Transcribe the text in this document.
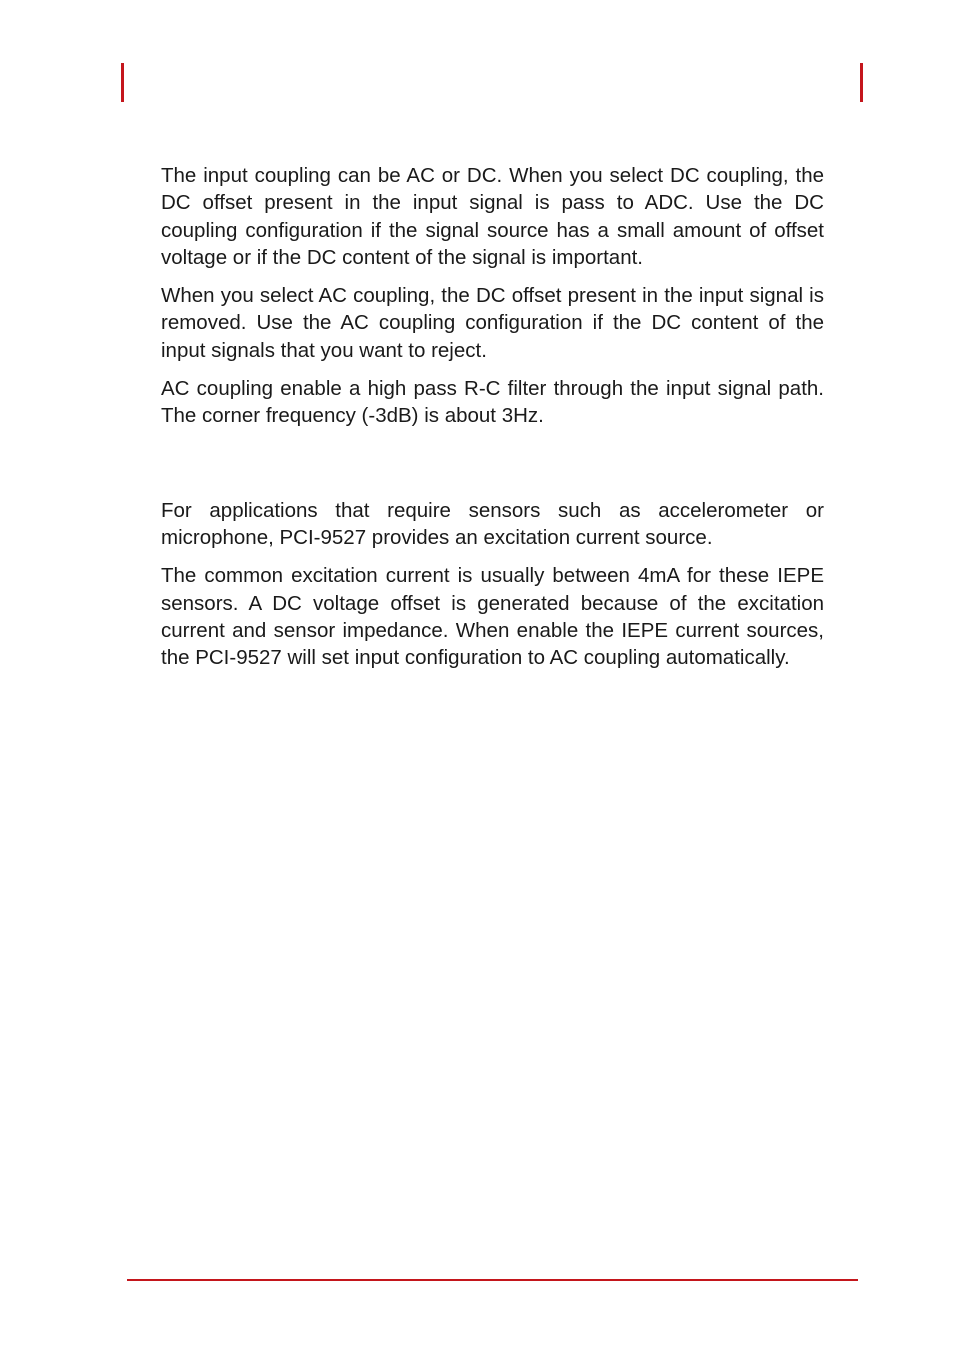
The input coupling can be AC or DC. When you select DC coupling, the DC offset present in the input signal is pass to ADC. Use the DC coupling configuration if the signal source has a small amount of offset voltage or if the DC content of the signal is important.

When you select AC coupling, the DC offset present in the input signal is removed. Use the AC coupling configuration if the DC content of the input signals that you want to reject.

AC coupling enable a high pass R-C filter through the input signal path. The corner frequency (-3dB) is about 3Hz.

For applications that require sensors such as accelerometer or microphone, PCI-9527 provides an excitation current source.

The common excitation current is usually between 4mA for these IEPE sensors. A DC voltage offset is generated because of the excitation current and sensor impedance. When enable the IEPE current sources, the PCI-9527 will set input configuration to AC coupling automatically.
